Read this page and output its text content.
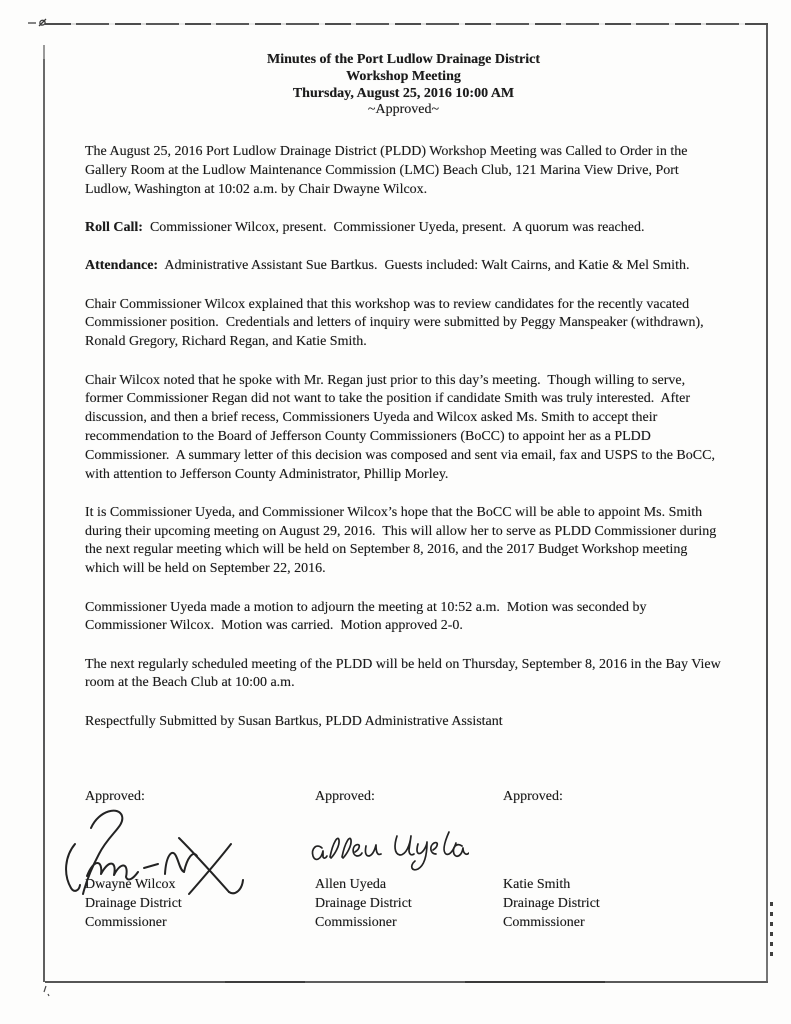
Minutes of the Port Ludlow Drainage District
Workshop Meeting
Thursday, August 25, 2016 10:00 AM
~Approved~

The August 25, 2016 Port Ludlow Drainage District (PLDD) Workshop Meeting was Called to Order in the Gallery Room at the Ludlow Maintenance Commission (LMC) Beach Club, 121 Marina View Drive, Port Ludlow, Washington at 10:02 a.m. by Chair Dwayne Wilcox.

Roll Call:  Commissioner Wilcox, present.  Commissioner Uyeda, present.  A quorum was reached.

Attendance:  Administrative Assistant Sue Bartkus.  Guests included: Walt Cairns, and Katie & Mel Smith.

Chair Commissioner Wilcox explained that this workshop was to review candidates for the recently vacated Commissioner position.  Credentials and letters of inquiry were submitted by Peggy Manspeaker (withdrawn), Ronald Gregory, Richard Regan, and Katie Smith.

Chair Wilcox noted that he spoke with Mr. Regan just prior to this day’s meeting.  Though willing to serve, former Commissioner Regan did not want to take the position if candidate Smith was truly interested.  After discussion, and then a brief recess, Commissioners Uyeda and Wilcox asked Ms. Smith to accept their recommendation to the Board of Jefferson County Commissioners (BoCC) to appoint her as a PLDD Commissioner.  A summary letter of this decision was composed and sent via email, fax and USPS to the BoCC, with attention to Jefferson County Administrator, Phillip Morley.

It is Commissioner Uyeda, and Commissioner Wilcox’s hope that the BoCC will be able to appoint Ms. Smith during their upcoming meeting on August 29, 2016.  This will allow her to serve as PLDD Commissioner during the next regular meeting which will be held on September 8, 2016, and the 2017 Budget Workshop meeting which will be held on September 22, 2016.

Commissioner Uyeda made a motion to adjourn the meeting at 10:52 a.m.  Motion was seconded by Commissioner Wilcox.  Motion was carried.  Motion approved 2-0.

The next regularly scheduled meeting of the PLDD will be held on Thursday, September 8, 2016 in the Bay View room at the Beach Club at 10:00 a.m.

Respectfully Submitted by Susan Bartkus, PLDD Administrative Assistant

Approved:
Dwayne Wilcox
Drainage District
Commissioner
Approved:
Allen Uyeda
Drainage District
Commissioner
Approved:
Katie Smith
Drainage District
Commissioner
